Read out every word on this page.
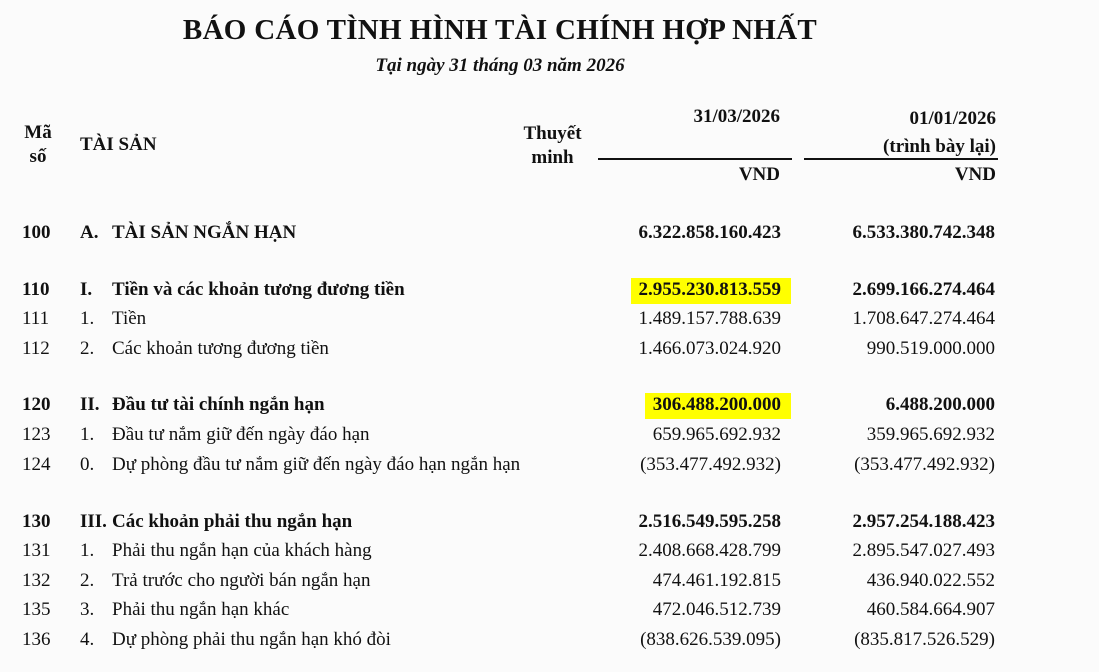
BÁO CÁO TÌNH HÌNH TÀI CHÍNH HỢP NHẤT
Tại ngày 31 tháng 03 năm 2026
Mã
số
TÀI SẢN
Thuyết
minh
31/03/2026	01/01/2026
(trình bày lại)
VND	VND
100 A. TÀI SẢN NGẮN HẠN	6.322.858.160.423	6.533.380.742.348
110 I. Tiền và các khoản tương đương tiền	2.955.230.813.559	2.699.166.274.464
111 1. Tiền	1.489.157.788.639	1.708.647.274.464
112 2. Các khoản tương đương tiền	1.466.073.024.920	990.519.000.000
120 II. Đầu tư tài chính ngắn hạn	306.488.200.000	6.488.200.000
123 1. Đầu tư nắm giữ đến ngày đáo hạn	659.965.692.932	359.965.692.932
124 0. Dự phòng đầu tư nắm giữ đến ngày đáo hạn ngắn hạn	(353.477.492.932)	(353.477.492.932)
130 III. Các khoản phải thu ngắn hạn	2.516.549.595.258	2.957.254.188.423
131 1. Phải thu ngắn hạn của khách hàng	2.408.668.428.799	2.895.547.027.493
132 2. Trả trước cho người bán ngắn hạn	474.461.192.815	436.940.022.552
135 3. Phải thu ngắn hạn khác	472.046.512.739	460.584.664.907
136 4. Dự phòng phải thu ngắn hạn khó đòi	(838.626.539.095)	(835.817.526.529)
